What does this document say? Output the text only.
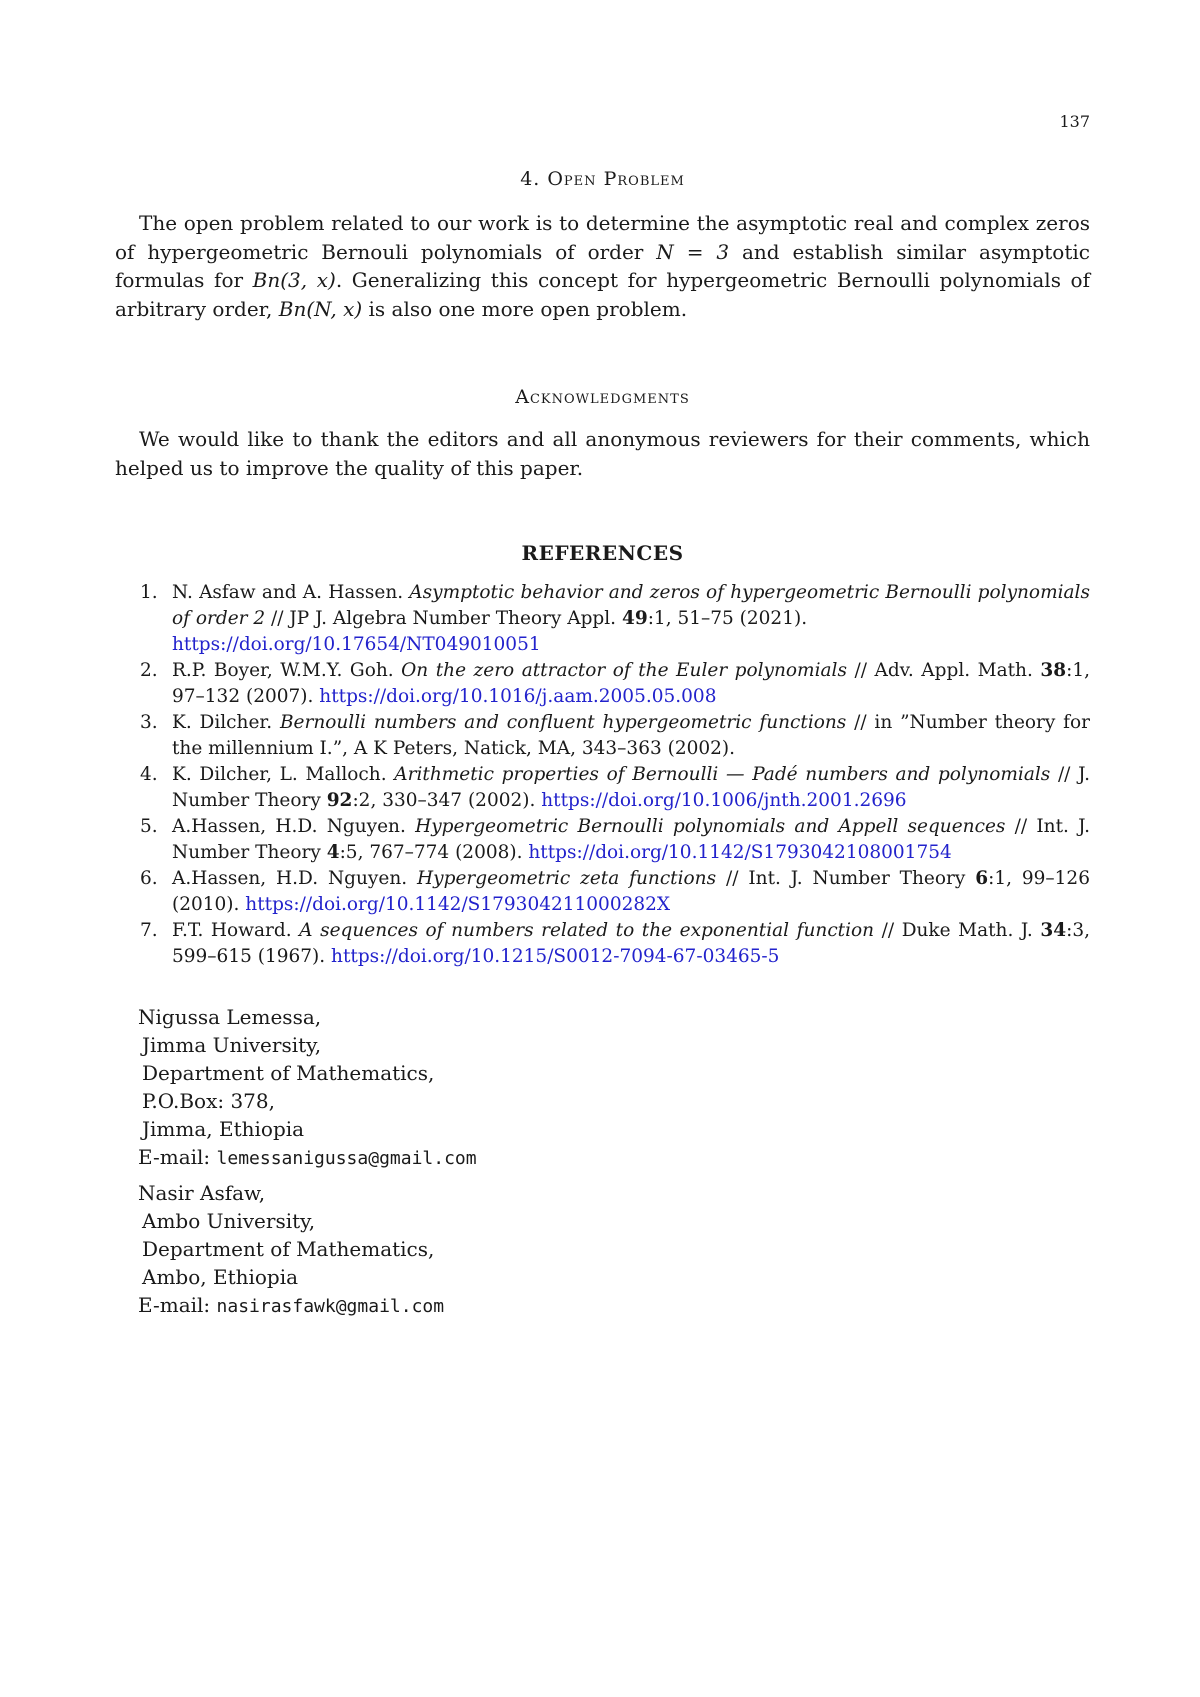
137
4. Open Problem

The open problem related to our work is to determine the asymptotic real and complex zeros of hypergeometric Bernouli polynomials of order N = 3 and establish similar asymptotic formulas for Bn(3, x). Generalizing this concept for hypergeometric Bernoulli polynomials of arbitrary order, Bn(N, x) is also one more open problem.

Acknowledgments

We would like to thank the editors and all anonymous reviewers for their comments, which helped us to improve the quality of this paper.

REFERENCES
1. N. Asfaw and A. Hassen. Asymptotic behavior and zeros of hypergeometric Bernoulli polynomials of order 2 // JP J. Algebra Number Theory Appl. 49:1, 51–75 (2021).
https://doi.org/10.17654/NT049010051
2. R.P. Boyer, W.M.Y. Goh. On the zero attractor of the Euler polynomials // Adv. Appl. Math. 38:1, 97–132 (2007). https://doi.org/10.1016/j.aam.2005.05.008
3. K. Dilcher. Bernoulli numbers and confluent hypergeometric functions // in ”Number theory for the millennium I.”, A K Peters, Natick, MA, 343–363 (2002).
4. K. Dilcher, L. Malloch. Arithmetic properties of Bernoulli — Padé numbers and polynomials // J. Number Theory 92:2, 330–347 (2002). https://doi.org/10.1006/jnth.2001.2696
5. A.Hassen, H.D. Nguyen. Hypergeometric Bernoulli polynomials and Appell sequences // Int. J. Number Theory 4:5, 767–774 (2008). https://doi.org/10.1142/S1793042108001754
6. A.Hassen, H.D. Nguyen. Hypergeometric zeta functions // Int. J. Number Theory 6:1, 99–126 (2010). https://doi.org/10.1142/S179304211000282X
7. F.T. Howard. A sequences of numbers related to the exponential function // Duke Math. J. 34:3, 599–615 (1967). https://doi.org/10.1215/S0012-7094-67-03465-5
Nigussa Lemessa,
Jimma University,
Department of Mathematics,
P.O.Box: 378,
Jimma, Ethiopia
E-mail: lemessanigussa@gmail.com
Nasir Asfaw,
Ambo University,
Department of Mathematics,
Ambo, Ethiopia
E-mail: nasirasfawk@gmail.com
